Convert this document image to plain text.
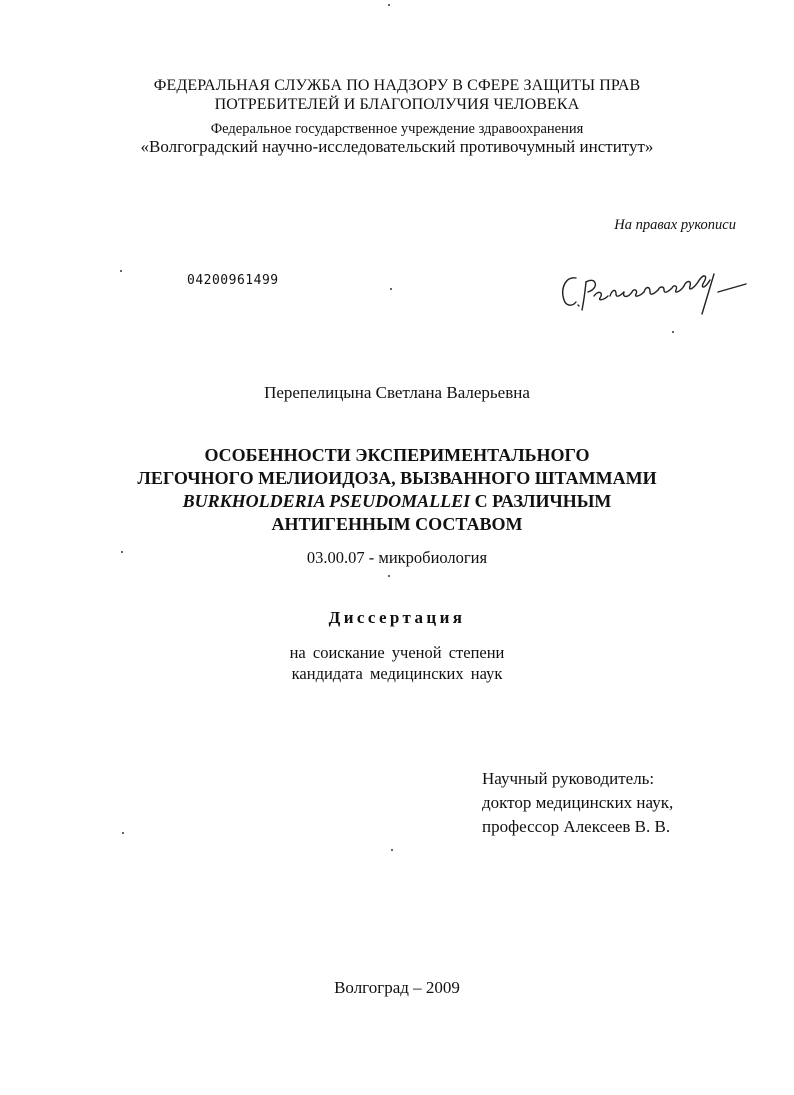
ФЕДЕРАЛЬНАЯ СЛУЖБА ПО НАДЗОРУ В СФЕРЕ ЗАЩИТЫ ПРАВ
ПОТРЕБИТЕЛЕЙ И БЛАГОПОЛУЧИЯ ЧЕЛОВЕКА
Федеральное государственное учреждение здравоохранения
«Волгоградский научно-исследовательский противочумный институт»
На правах рукописи
04200961499
Перепелицына Светлана Валерьевна
ОСОБЕННОСТИ ЭКСПЕРИМЕНТАЛЬНОГО
ЛЕГОЧНОГО МЕЛИОИДОЗА, ВЫЗВАННОГО ШТАММАМИ
BURKHOLDERIA PSEUDOMALLEI С РАЗЛИЧНЫМ
АНТИГЕННЫМ СОСТАВОМ
03.00.07 - микробиология
Диссертация
на соискание ученой степени
кандидата медицинских наук
Научный руководитель:
доктор медицинских наук,
профессор Алексеев В. В.
Волгоград – 2009
